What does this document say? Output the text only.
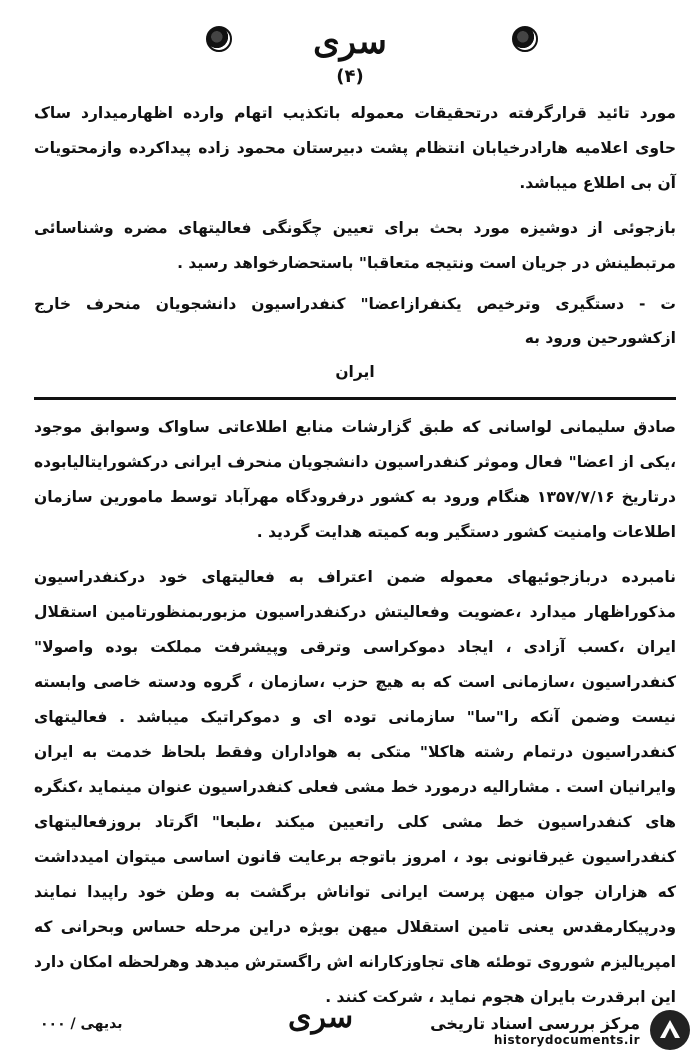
سری
(۴)

مورد تائید قرارگرفته درتحقیقات معموله باتکذیب اتهام وارده اظهارمیدارد ساک حاوی اعلامیه هارادرخیابان انتظام پشت دبیرستان محمود زاده پیداکرده وازمحتویات آن بی اطلاع میباشد.

بازجوئی از دوشیزه مورد بحث برای تعیین چگونگی فعالیتهای مضره وشناسائی مرتبطینش در جریان است ونتیجه متعاقبا" باستحضارخواهد رسید .

ت - دستگیری وترخیص یکنفرازاعضا" کنفدراسیون دانشجویان منحرف خارج ازکشورحین ورود به
ایران

صادق سلیمانی لواسانی که طبق گزارشات منابع اطلاعاتی ساواک وسوابق موجود ،یکی از اعضا" فعال وموثر کنفدراسیون دانشجویان منحرف ایرانی درکشورایتالیابوده درتاریخ ۱۳۵۷/۷/۱۶ هنگام ورود به کشور درفرودگاه مهرآباد توسط مامورین سازمان اطلاعات وامنیت کشور دستگیر وبه کمیته هدایت گردید .

نامبرده دربازجوئیهای معموله ضمن اعتراف به فعالیتهای خود درکنفدراسیون مذکوراظهار میدارد ،عضویت وفعالیتش درکنفدراسیون مزبوربمنظورتامین استقلال ایران ،کسب آزادی ، ایجاد دموکراسی وترقی وپیشرفت مملکت بوده واصولا" کنفدراسیون ،سازمانی است که به هیچ حزب ،سازمان ، گروه ودسته خاصی وابسته نیست وضمن آنکه را"سا" سازمانی توده ای و دموکراتیک میباشد . فعالیتهای کنفدراسیون درتمام رشته هاکلا" متکی به هواداران وفقط بلحاظ خدمت به ایران وایرانیان است . مشارالیه درمورد خط مشی فعلی کنفدراسیون عنوان مینماید ،کنگره های کنفدراسیون خط مشی کلی راتعیین میکند ،طبعا" اگرتاد بروزفعالیتهای کنفدراسیون غیرقانونی بود ، امروز باتوجه برعایت قانون اساسی میتوان امیدداشت که هزاران جوان میهن پرست ایرانی تواناش برگشت به وطن خود راپیدا نمایند ودرپیکارمقدس یعنی تامین استقلال میهن بویژه دراین مرحله حساس وبحرانی که امپریالیزم شوروی توطئه های تجاوزکارانه اش راگسترش میدهد وهرلحظه امکان دارد این ابرقدرت بایران هجوم نماید ، شرکت کنند .

بدیهی / ۰۰۰	سری	مرکز بررسی اسناد تاریخی
historydocuments.ir
